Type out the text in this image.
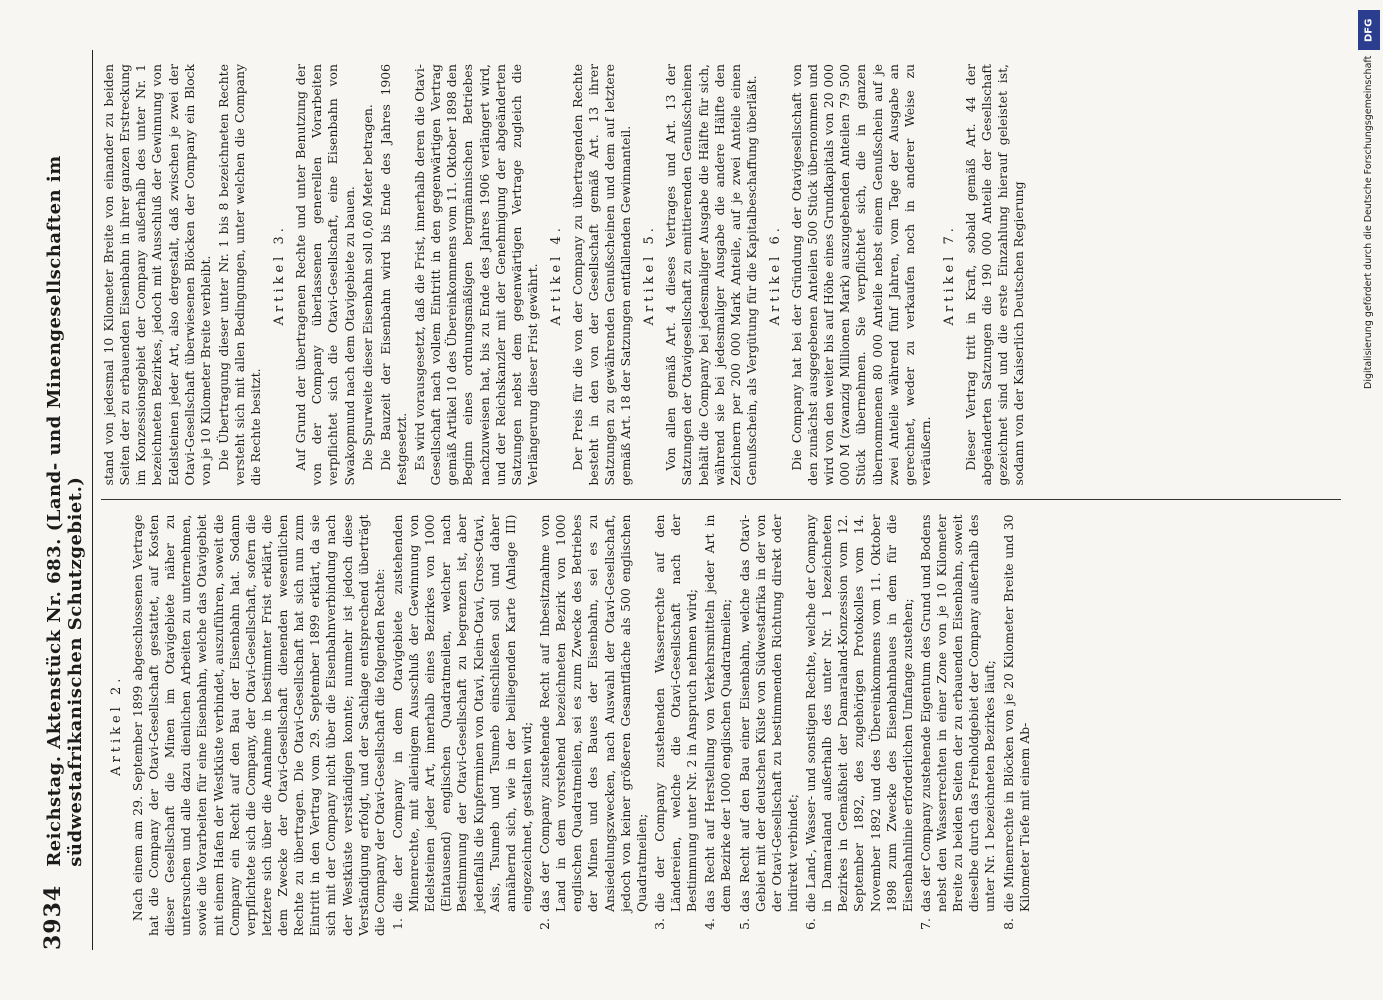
3934
Reichstag. Aktenstück Nr. 683. (Land- und Minengesellschaften im südwestafrikanischen Schutzgebiet.) Artikel 2. Nach einem am 29. September 1899 abgeschlossenen Vertrage hat die Company der Otavi-Gesellschaft gestattet, auf Kosten dieser Gesellschaft die Minen im Otavigebiete näher zu untersuchen und alle dazu dienlichen Arbeiten zu unternehmen, sowie die Vorarbeiten für eine Eisenbahn, welche das Otavigebiet mit einem Hafen der Westküste verbindet, auszuführen, soweit die Company ein Recht auf den Bau der Eisenbahn hat. Sodann verpflichtete sich die Company, der Otavi-Gesellschaft, sofern die letztere sich über die Annahme in bestimmter Frist erklärt, die dem Zwecke der Otavi-Gesellschaft dienenden wesentlichen Rechte zu übertragen. Die Otavi-Gesellschaft hat sich nun zum Eintritt in den Vertrag vom 29. September 1899 erklärt, da sie sich mit der Company nicht über die Eisenbahnverbindung nach der Westküste verständigen konnte; nunmehr ist jedoch diese Verständigung erfolgt, und der Sachlage entsprechend überträgt die Company der Otavi-Gesellschaft die folgenden Rechte: 1.
die der Company in dem Otavigebiete zustehenden Minenrechte, mit alleinigem Ausschluß der Gewinnung von Edelsteinen jeder Art, innerhalb eines Bezirkes von 1000 (Eintausend) englischen Quadratmeilen, welcher nach Bestimmung der Otavi-Gesellschaft zu begrenzen ist, aber jedenfalls die Kupferminen von Otavi, Klein-Otavi, Gross-Otavi, Asis, Tsumeb und Tsumeb einschließen soll und daher annähernd sich, wie in der beiliegenden Karte (Anlage III) eingezeichnet, gestalten wird;
2.
das der Company zustehende Recht auf Inbesitznahme von Land in dem vorstehend bezeichneten Bezirk von 1000 englischen Quadratmeilen, sei es zum Zwecke des Betriebes der Minen und des Baues der Eisenbahn, sei es zu Ansiedelungszwecken, nach Auswahl der Otavi-Gesellschaft, jedoch von keiner größeren Gesamtfläche als 500 englischen Quadratmeilen;
3.
die der Company zustehenden Wasserrechte auf den Ländereien, welche die Otavi-Gesellschaft nach der Bestimmung unter Nr. 2 in Anspruch nehmen wird;
4.
das Recht auf Herstellung von Verkehrsmitteln jeder Art in dem Bezirke der 1000 englischen Quadratmeilen;
5.
das Recht auf den Bau einer Eisenbahn, welche das Otavi-Gebiet mit der deutschen Küste von Südwestafrika in der von der Otavi-Gesellschaft zu bestimmenden Richtung direkt oder indirekt verbindet;
6.
die Land-, Wasser- und sonstigen Rechte, welche der Company in Damaraland außerhalb des unter Nr. 1 bezeichneten Bezirkes in Gemäßheit der Damaraland-Konzession vom 12. September 1892, des zugehörigen Protokolles vom 14. November 1892 und des Übereinkommens vom 11. Oktober 1898 zum Zwecke des Eisenbahnbaues in dem für die Eisenbahnlinie erforderlichen Umfange zustehen;
7.
das der Company zustehende Eigentum des Grund und Bodens nebst den Wasserrechten in einer Zone von je 10 Kilometer Breite zu beiden Seiten der zu erbauenden Eisenbahn, soweit dieselbe durch das Freiholdgebiet der Company außerhalb des unter Nr. 1 bezeichneten Bezirkes läuft;
8.
die Minenrechte in Blöcken von je 20 Kilometer Breite und 30 Kilometer Tiefe mit einem Ab-

stand von jedesmal 10 Kilometer Breite von einander zu beiden Seiten der zu erbauenden Eisenbahn in ihrer ganzen Erstreckung im Konzessionsgebiet der Company außerhalb des unter Nr. 1 bezeichneten Bezirkes, jedoch mit Ausschluß der Gewinnung von Edelsteinen jeder Art, also dergestalt, daß zwischen je zwei der Otavi-Gesellschaft überwiesenen Blöcken der Company ein Block von je 10 Kilometer Breite verbleibt. Die Übertragung dieser unter Nr. 1 bis 8 bezeichneten Rechte versteht sich mit allen Bedingungen, unter welchen die Company die Rechte besitzt.

Artikel 3. Auf Grund der übertragenen Rechte und unter Benutzung der von der Company überlassenen generellen Vorarbeiten verpflichtet sich die Otavi-Gesellschaft, eine Eisenbahn von Swakopmund nach dem Otavigebiete zu bauen. Die Spurweite dieser Eisenbahn soll 0,60 Meter betragen. Die Bauzeit der Eisenbahn wird bis Ende des Jahres 1906 festgesetzt. Es wird vorausgesetzt, daß die Frist, innerhalb deren die Otavi-Gesellschaft nach vollem Eintritt in den gegenwärtigen Vertrag gemäß Artikel 10 des Übereinkommens vom 11. Oktober 1898 den Beginn eines ordnungsmäßigen bergmännischen Betriebes nachzuweisen hat, bis zu Ende des Jahres 1906 verlängert wird, und der Reichskanzler mit der Genehmigung der abgeänderten Satzungen nebst dem gegenwärtigen Vertrage zugleich die Verlängerung dieser Frist gewährt. Artikel 4. Der Preis für die von der Company zu übertragenden Rechte besteht in den von der Gesellschaft gemäß Art. 13 ihrer Satzungen zu gewährenden Genußscheinen und dem auf letztere gemäß Art. 18 der Satzungen entfallenden Gewinnanteil. Artikel 5. Von allen gemäß Art. 4 dieses Vertrages und Art. 13 der Satzungen der Otavigesellschaft zu emittierenden Genußscheinen behält die Company bei jedesmaliger Ausgabe die Hälfte für sich, während sie bei jedesmaliger Ausgabe die andere Hälfte den Zeichnern per 200 000 Mark Anteile, auf je zwei Anteile einen Genußschein, als Vergütung für die Kapitalbeschaffung überläßt. Artikel 6. Die Company hat bei der Gründung der Otavigesellschaft von den zunächst ausgegebenen Anteilen 500 Stück übernommen und wird von den weiter bis auf Höhe eines Grundkapitals von 20 000 000 M (zwanzig Millionen Mark) auszugebenden Anteilen 79 500 Stück übernehmen. Sie verpflichtet sich, die in ganzen übernommenen 80 000 Anteile nebst einem Genußschein auf je zwei Anteile während fünf Jahren, vom Tage der Ausgabe an gerechnet, weder zu verkaufen noch in anderer Weise zu veräußern.

Artikel 7. Dieser Vertrag tritt in Kraft, sobald gemäß Art. 44 der abgeänderten Satzungen die 190 000 Anteile der Gesellschaft gezeichnet sind und die erste Einzahlung hierauf geleistet ist, sodann von der Kaiserlich Deutschen Regierung

DFG
Digitalisierung gefördert durch die Deutsche Forschungsgemeinschaft
